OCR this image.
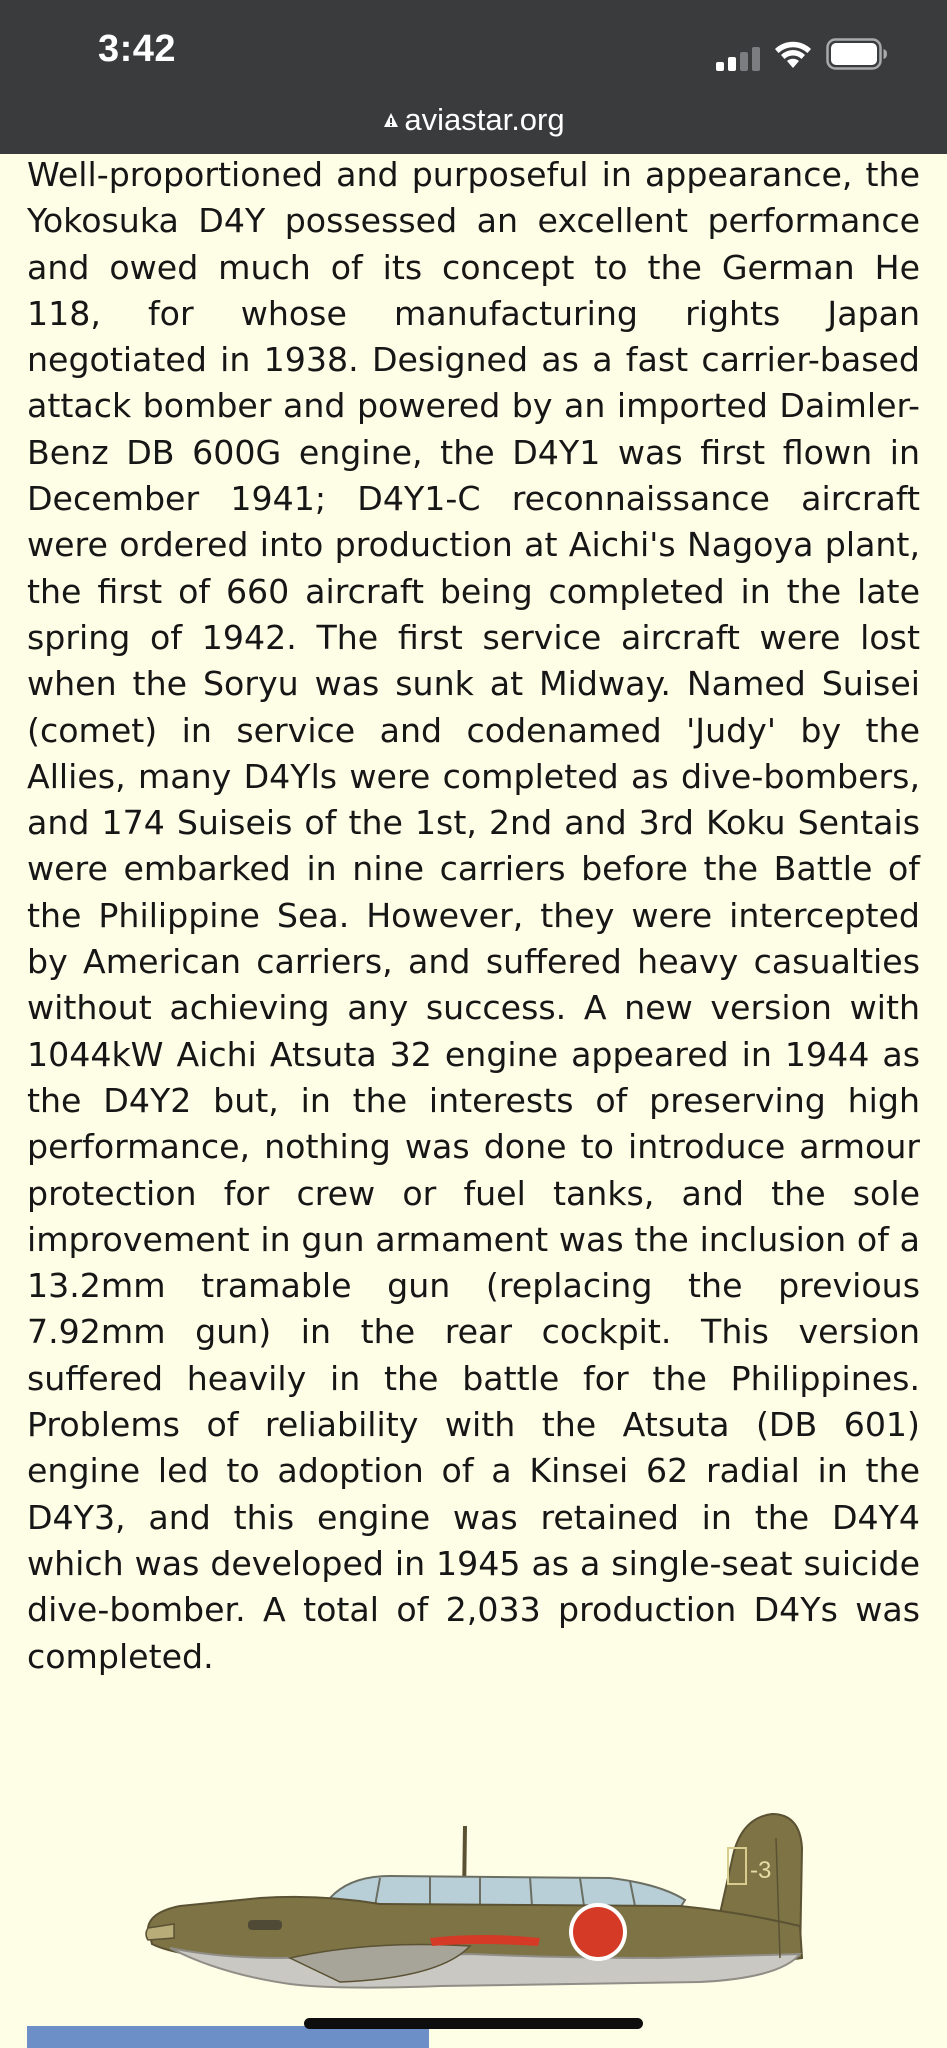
3:42
aviastar.org

Well-proportioned and purposeful in appearance, the Yokosuka D4Y possessed an excellent performance and owed much of its concept to the German He 118, for whose manufacturing rights Japan negotiated in 1938. Designed as a fast carrier-based attack bomber and powered by an imported Daimler-Benz DB 600G engine, the D4Y1 was first flown in December 1941; D4Y1-C reconnaissance aircraft were ordered into production at Aichi's Nagoya plant, the first of 660 aircraft being completed in the late spring of 1942. The first service aircraft were lost when the Soryu was sunk at Midway. Named Suisei (comet) in service and codenamed 'Judy' by the Allies, many D4Yls were completed as dive-bombers, and 174 Suiseis of the 1st, 2nd and 3rd Koku Sentais were embarked in nine carriers before the Battle of the Philippine Sea. However, they were intercepted by American carriers, and suffered heavy casualties without achieving any success. A new version with 1044kW Aichi Atsuta 32 engine appeared in 1944 as the D4Y2 but, in the interests of preserving high performance, nothing was done to introduce armour protection for crew or fuel tanks, and the sole improvement in gun armament was the inclusion of a 13.2mm tramable gun (replacing the previous 7.92mm gun) in the rear cockpit. This version suffered heavily in the battle for the Philippines. Problems of reliability with the Atsuta (DB 601) engine led to adoption of a Kinsei 62 radial in the D4Y3, and this engine was retained in the D4Y4 which was developed in 1945 as a single-seat suicide dive-bomber. A total of 2,033 production D4Ys was completed.

-3
